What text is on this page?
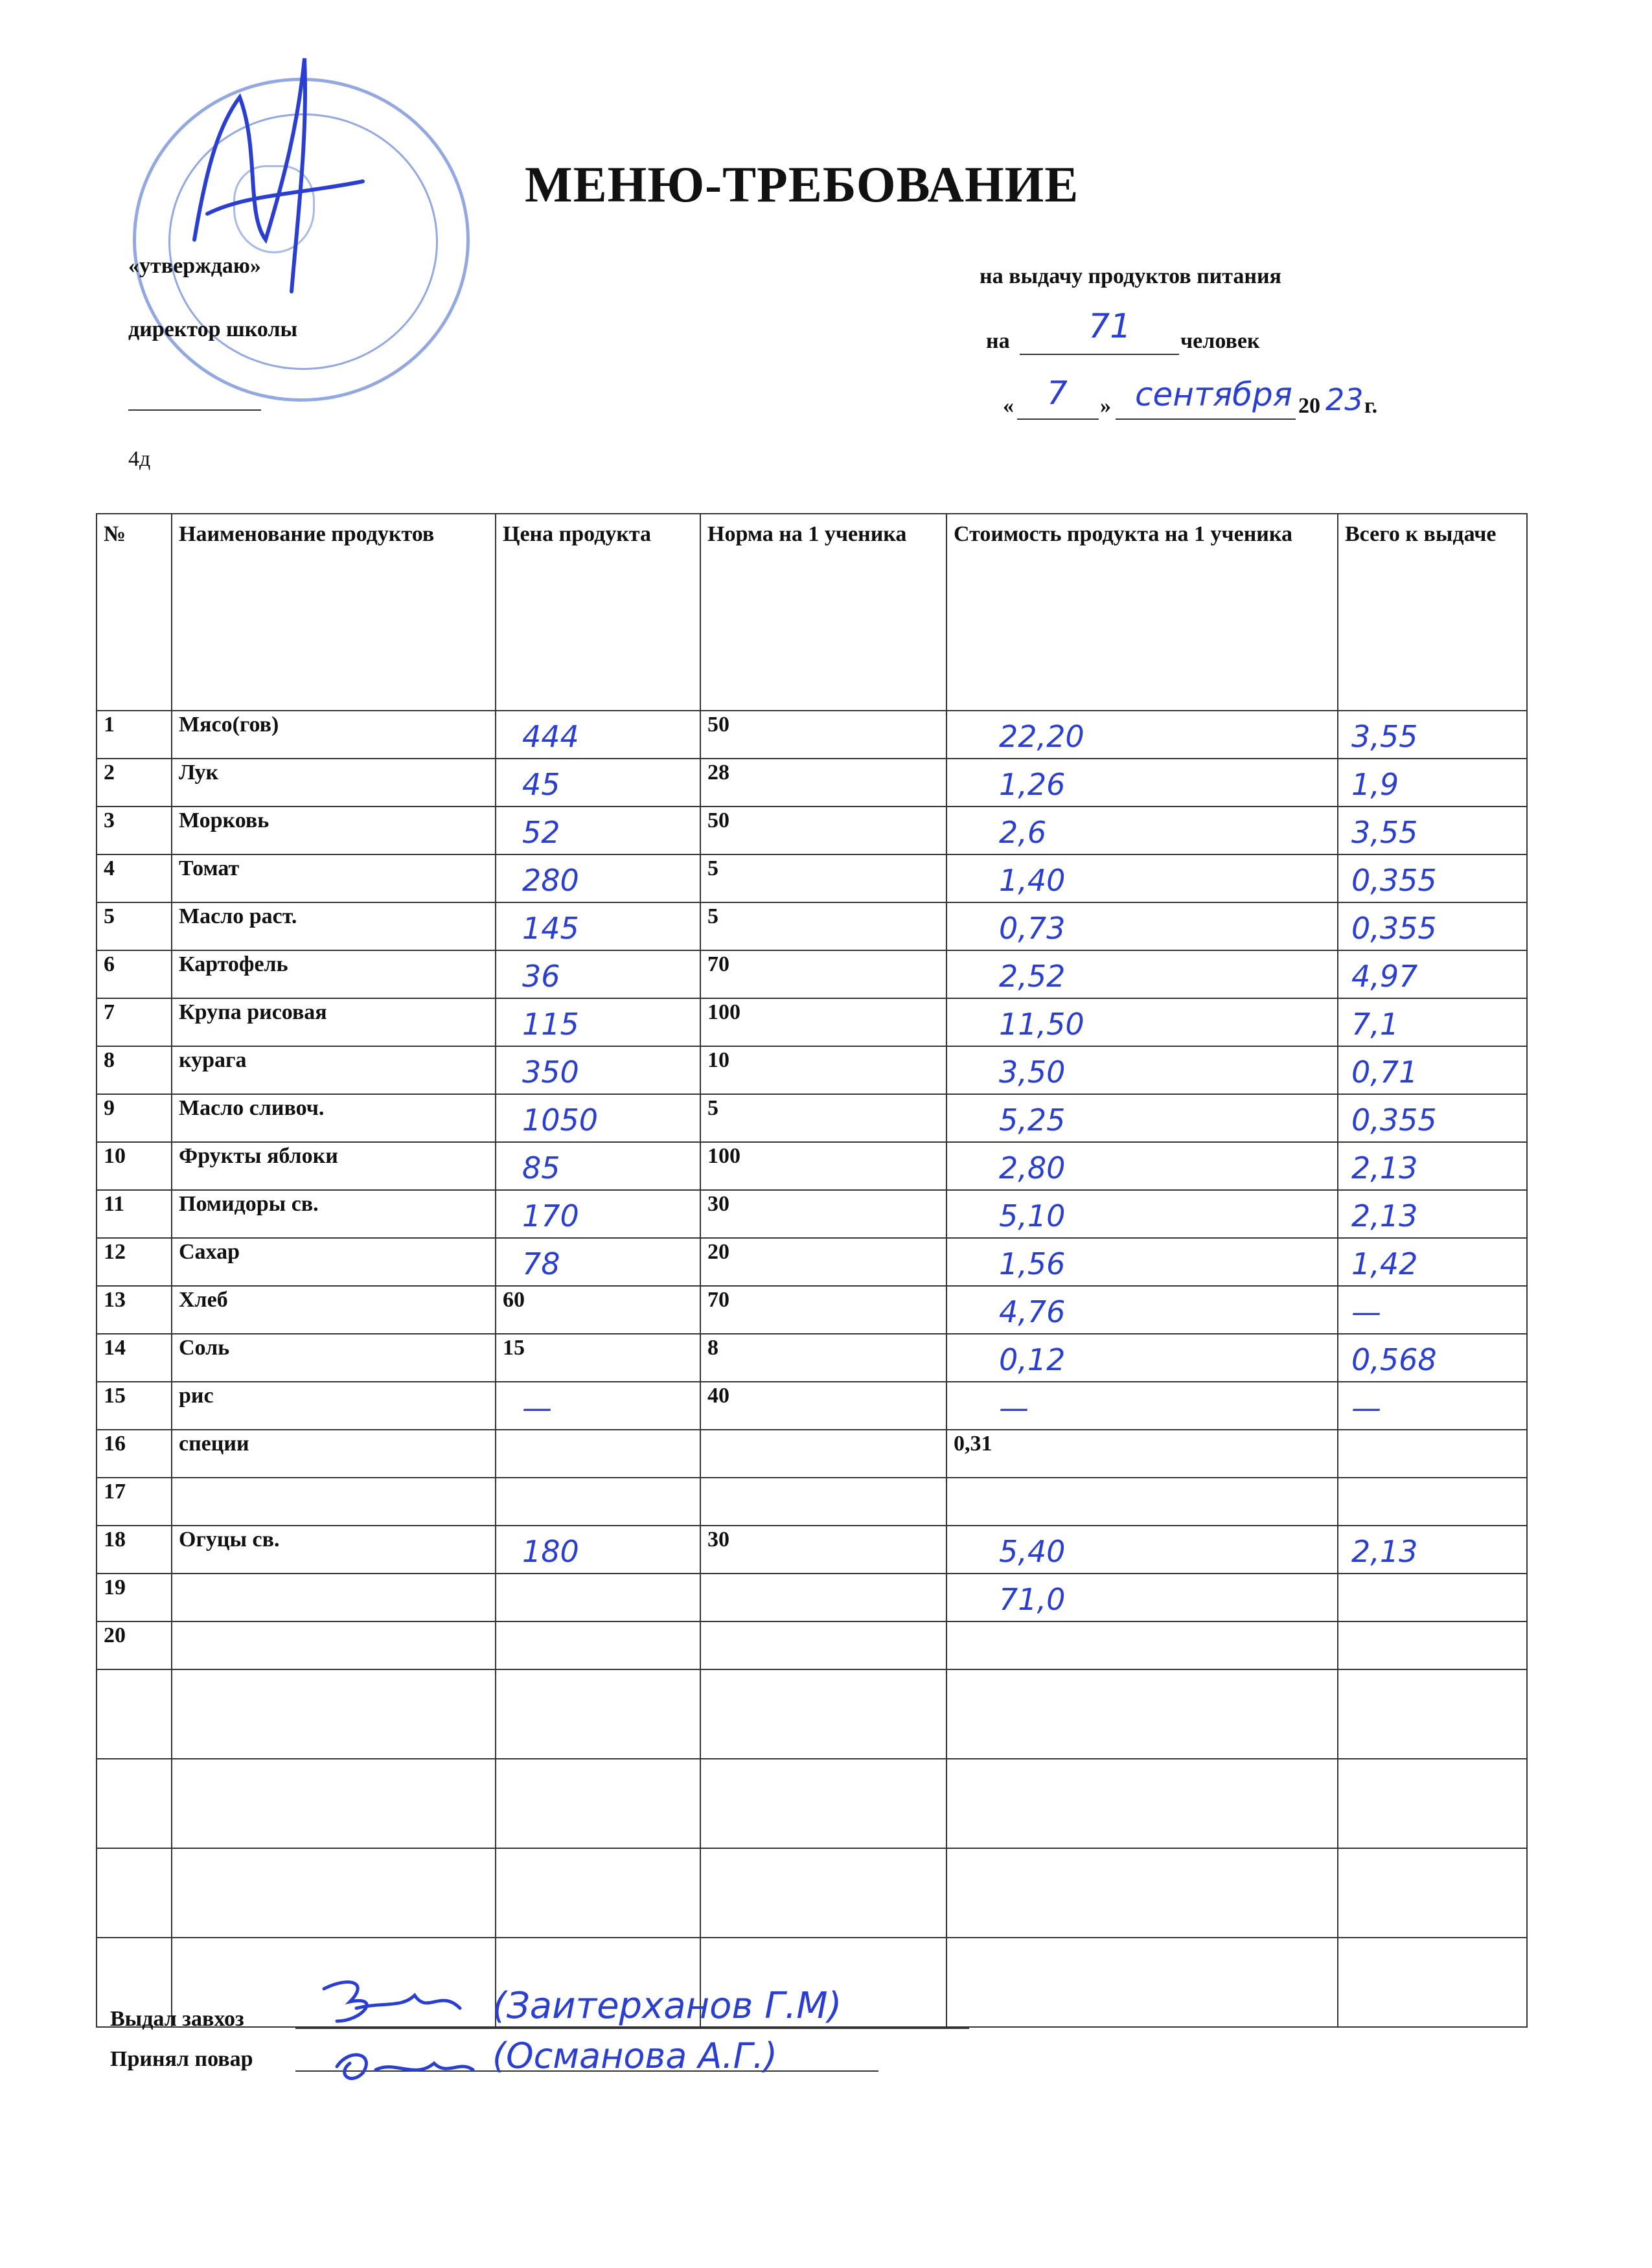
МЕНЮ-ТРЕБОВАНИЕ
«утверждаю»
директор школы
4д
на выдачу продуктов питания
на 71 человек
« 7 » сентября 20 23 г.
№	Наименование продуктов	Цена продукта	Норма на 1 ученика	Стоимость продукта на 1 ученика	Всего к выдаче
1	Мясо(гов)	444	50	22,20	3,55

2	Лук	45	28	1,26	1,9

3	Морковь	52	50	2,6	3,55

4	Томат	280	5	1,40	0,355

5	Масло раст.	145	5	0,73	0,355

6	Картофель	36	70	2,52	4,97

7	Крупа рисовая	115	100	11,50	7,1

8	курага	350	10	3,50	0,71

9	Масло сливоч.	1050	5	5,25	0,355

10	Фрукты яблоки	85	100	2,80	2,13

11	Помидоры св.	170	30	5,10	2,13

12	Сахар	78	20	1,56	1,42

13	Хлеб	60	70	4,76	—

14	Соль	15	8	0,12	0,568

15	рис	—	40	—	—

16	специи			0,31	

17				

18	Огуцы св.	180	30	5,40	2,13

19				71,0	

20				

Выдал завхоз	(Заитерханов Г.М)
Принял повар	(Османова А.Г.)
